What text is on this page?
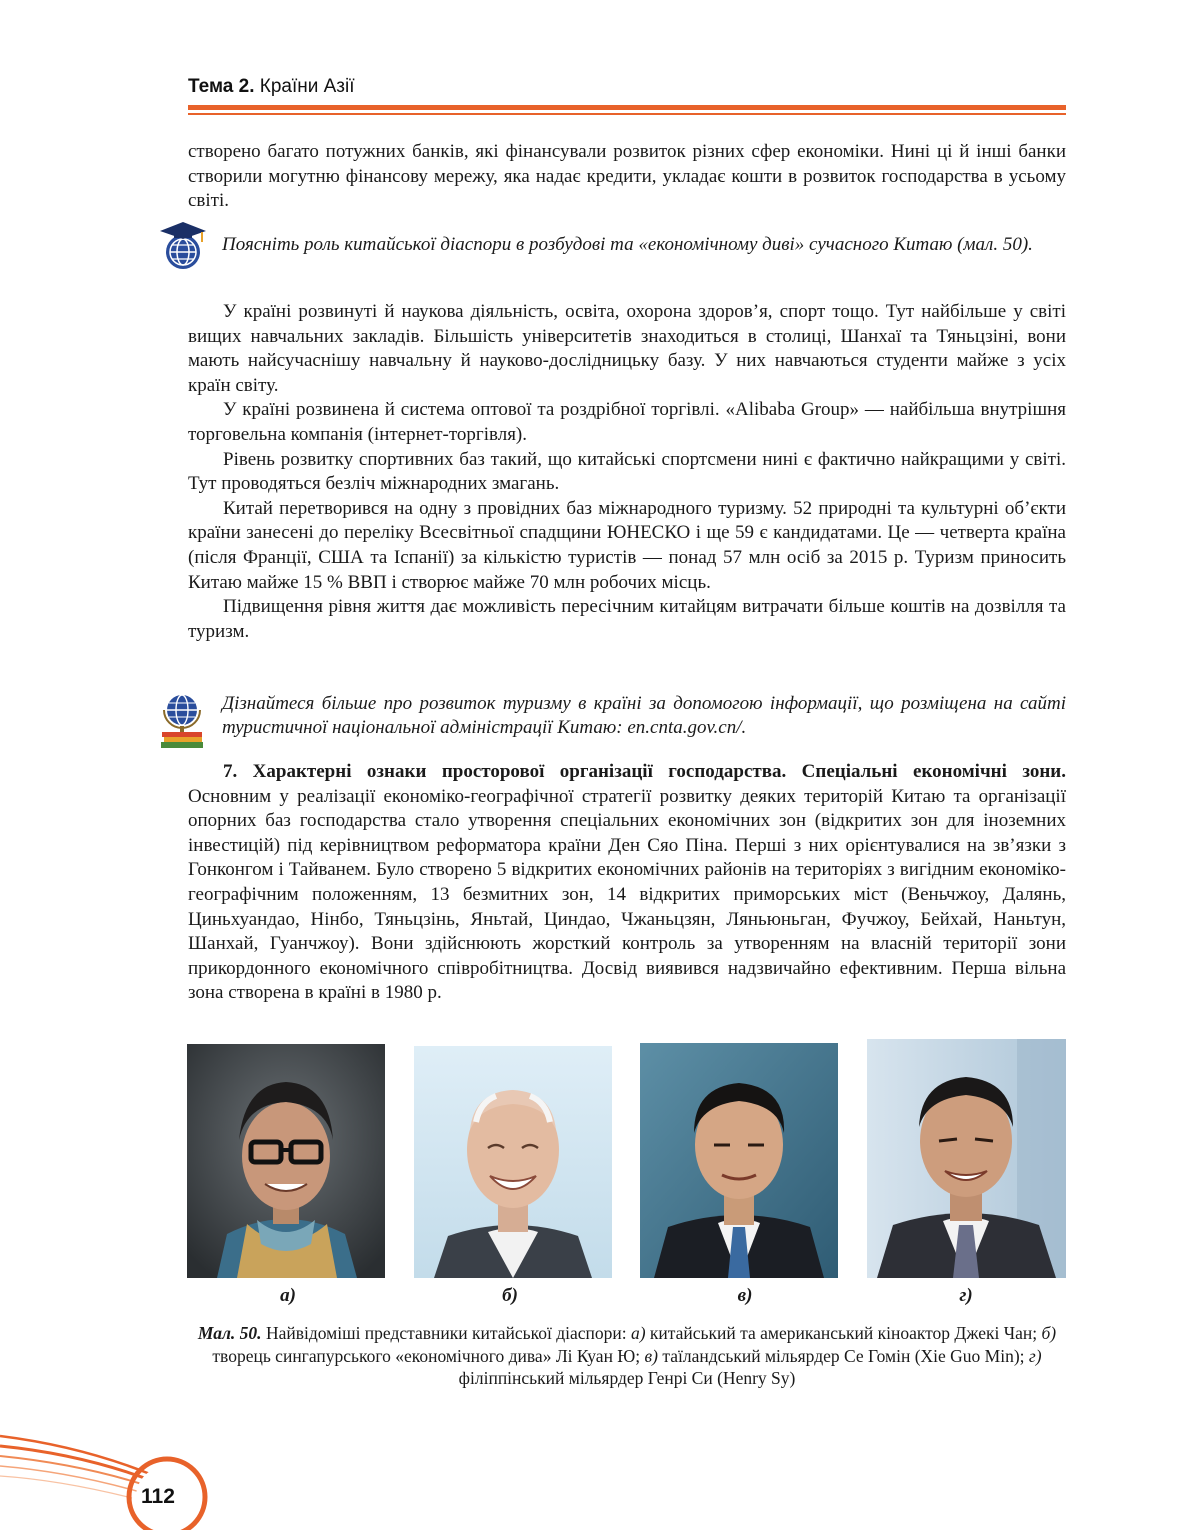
Тема 2. Країни Азії

створено багато потужних банків, які фінансували розвиток різних сфер економіки. Нині ці й інші банки створили могутню фінансову мережу, яка надає кредити, укладає кошти в розвиток господарства в усьому світі.

Поясніть роль китайської діаспори в розбудові та «економічному диві» сучасного Китаю (мал. 50).

У країні розвинуті й наукова діяльність, освіта, охорона здоров’я, спорт тощо. Тут найбільше у світі вищих навчальних закладів. Більшість університетів знаходиться в столиці, Шанхаї та Тяньцзіні, вони мають найсучаснішу навчальну й науково-дослідницьку базу. У них навчаються студенти майже з усіх країн світу.

У країні розвинена й система оптової та роздрібної торгівлі. «Alibaba Group» — найбільша внутрішня торговельна компанія (інтернет-торгівля).

Рівень розвитку спортивних баз такий, що китайські спортсмени нині є фактично найкращими у світі. Тут проводяться безліч міжнародних змагань.

Китай перетворився на одну з провідних баз міжнародного туризму. 52 природні та культурні об’єкти країни занесені до переліку Всесвітньої спадщини ЮНЕСКО і ще 59 є кандидатами. Це — четверта країна (після Франції, США та Іспанії) за кількістю туристів — понад 57 млн осіб за 2015 р. Туризм приносить Китаю майже 15 % ВВП і створює майже 70 млн робочих місць.

Підвищення рівня життя дає можливість пересічним китайцям витрачати більше коштів на дозвілля та туризм.

Дізнайтеся більше про розвиток туризму в країні за допомогою інформації, що розміщена на сайті туристичної національної адміністрації Китаю: en.cnta.gov.cn/.

7. Характерні ознаки просторової організації господарства. Спеціальні економічні зони. Основним у реалізації економіко-географічної стратегії розвитку деяких територій Китаю та організації опорних баз господарства стало утворення спеціальних економічних зон (відкритих зон для іноземних інвестицій) під керівництвом реформатора країни Ден Сяо Піна. Перші з них орієнтувалися на зв’язки з Гонконгом і Тайванем. Було створено 5 відкритих економічних районів на територіях з вигідним економіко-географічним положенням, 13 безмитних зон, 14 відкритих приморських міст (Веньчжоу, Далянь, Циньхуандао, Нінбо, Тяньцзінь, Яньтай, Циндао, Чжаньцзян, Ляньюньган, Фучжоу, Бейхай, Наньтун, Шанхай, Гуанчжоу). Вони здійснюють жорсткий контроль за утворенням на власній території зони прикордонного економічного співробітництва. Досвід виявився надзвичайно ефективним. Перша вільна зона створена в країні в 1980 р.

а)	б)	в)	г)
Мал. 50. Найвідоміші представники китайської діаспори: а) китайський та американський кіноактор Джекі Чан; б) творець сингапурського «економічного дива» Лі Куан Ю; в) таїландський мільярдер Се Гомін (Xie Guo Min); г) філіппінський мільярдер Генрі Си (Henry Sy)
112
